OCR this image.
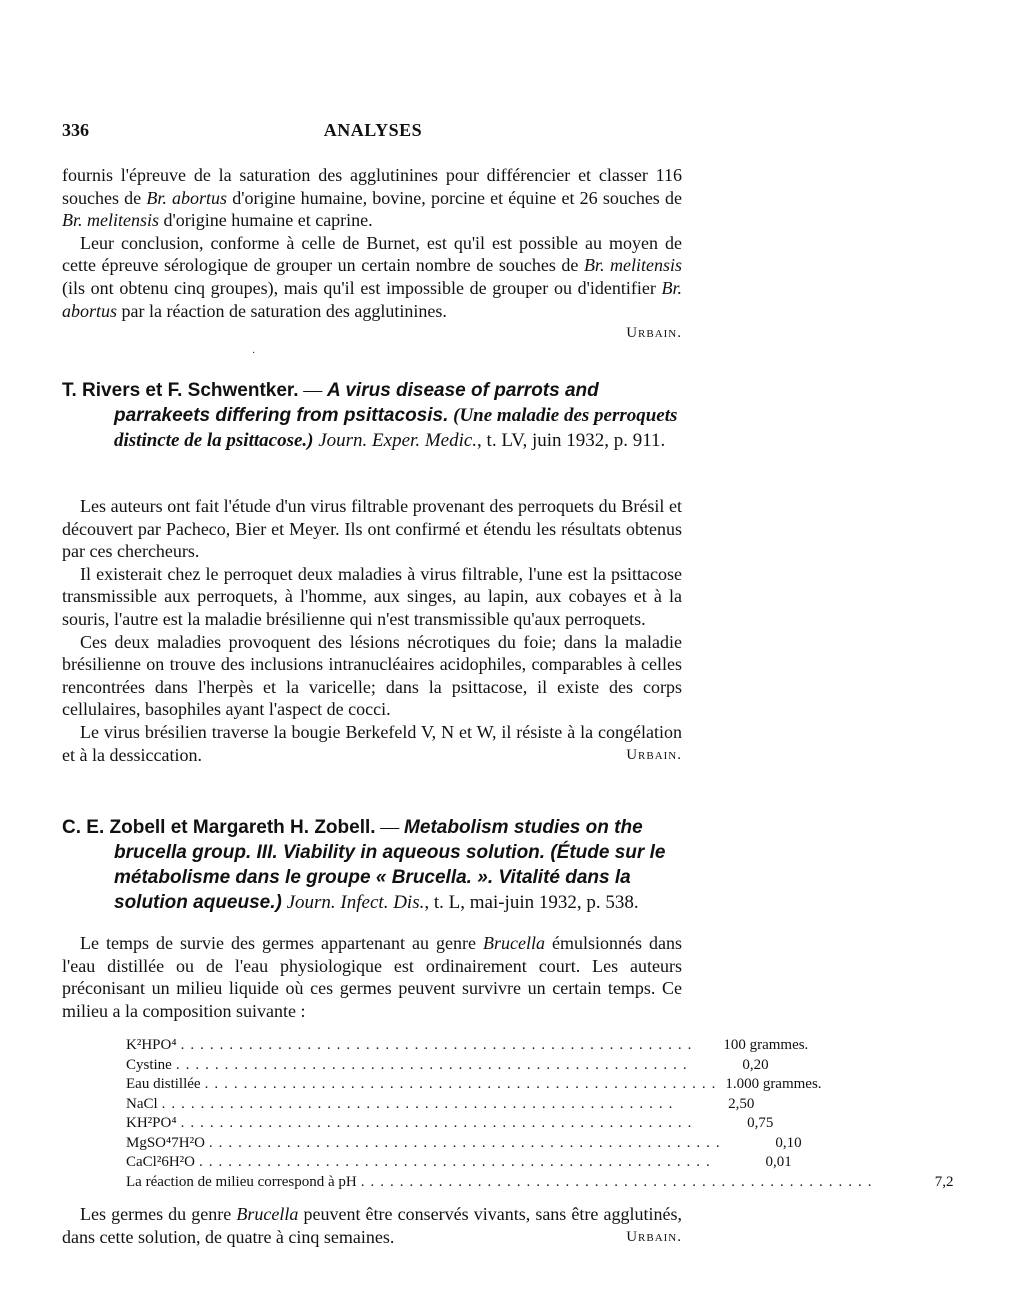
336	ANALYSES

fournis l'épreuve de la saturation des agglutinines pour différencier et classer 116 souches de Br. abortus d'origine humaine, bovine, porcine et équine et 26 souches de Br. melitensis d'origine humaine et caprine.

Leur conclusion, conforme à celle de Burnet, est qu'il est possible au moyen de cette épreuve sérologique de grouper un certain nombre de souches de Br. melitensis (ils ont obtenu cinq groupes), mais qu'il est impossible de grouper ou d'identifier Br. abortus par la réaction de saturation des agglutinines.

Urbain.
·
T. Rivers et F. Schwentker. — A virus disease of parrots and parrakeets differing from psittacosis. (Une maladie des perroquets distincte de la psittacose.) Journ. Exper. Medic., t. LV, juin 1932, p. 911.

Les auteurs ont fait l'étude d'un virus filtrable provenant des perroquets du Brésil et découvert par Pacheco, Bier et Meyer. Ils ont confirmé et étendu les résultats obtenus par ces chercheurs.

Il existerait chez le perroquet deux maladies à virus filtrable, l'une est la psittacose transmissible aux perroquets, à l'homme, aux singes, au lapin, aux cobayes et à la souris, l'autre est la maladie brésilienne qui n'est transmissible qu'aux perroquets.

Ces deux maladies provoquent des lésions nécrotiques du foie; dans la maladie brésilienne on trouve des inclusions intranucléaires acidophiles, comparables à celles rencontrées dans l'herpès et la varicelle; dans la psittacose, il existe des corps cellulaires, basophiles ayant l'aspect de cocci.

Le virus brésilien traverse la bougie Berkefeld V, N et W, il résiste à la congélation et à la dessiccation.	Urbain.
C. E. Zobell et Margareth H. Zobell. — Metabolism studies on the brucella group. III. Viability in aqueous solution. (Étude sur le métabolisme dans le groupe « Brucella. ». Vitalité dans la solution aqueuse.) Journ. Infect. Dis., t. L, mai-juin 1932, p. 538.

Le temps de survie des germes appartenant au genre Brucella émulsionnés dans l'eau distillée ou de l'eau physiologique est ordinairement court. Les auteurs préconisant un milieu liquide où ces germes peuvent survivre un certain temps. Ce milieu a la composition suivante :

K²HPO⁴ .....................................................	100 grammes.
Cystine .....................................................	0,20
Eau distillée ..................................................... 1.000 grammes.
NaCl .....................................................	2,50
KH²PO⁴ .....................................................	0,75
MgSO⁴7H²O .....................................................	0,10
CaCl²6H²O .....................................................	0,01
La réaction de milieu correspond à pH .....................................................	7,2

Les germes du genre Brucella peuvent être conservés vivants, sans être agglutinés, dans cette solution, de quatre à cinq semaines.	Urbain.
